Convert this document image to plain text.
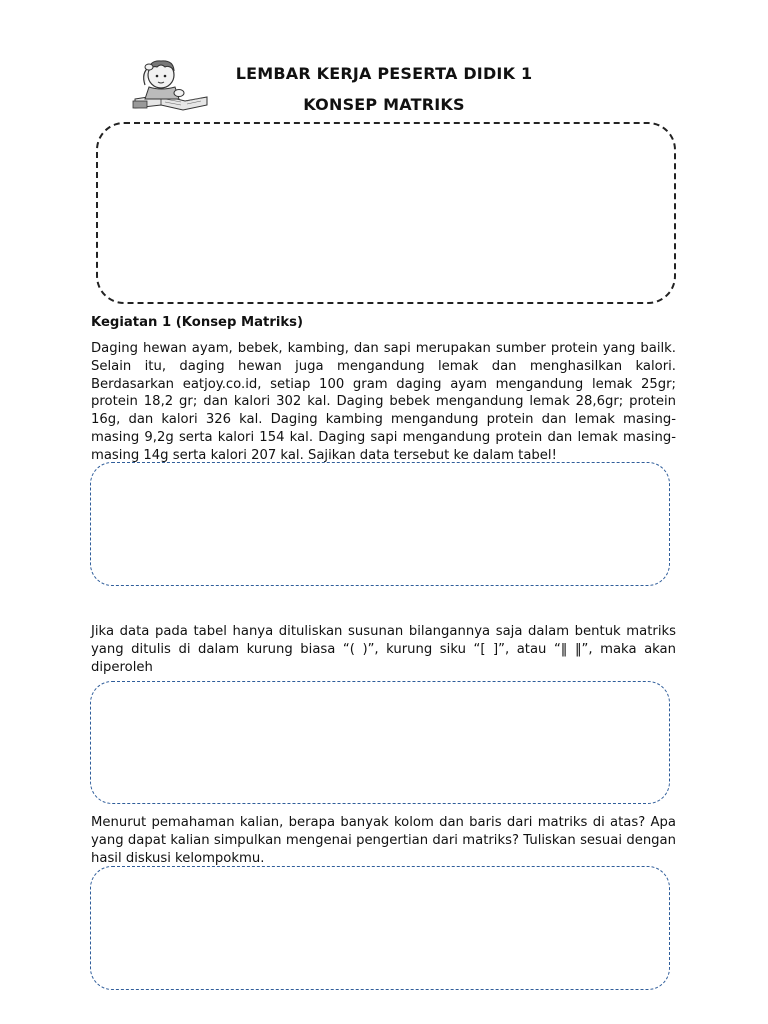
LEMBAR KERJA PESERTA DIDIK 1
KONSEP MATRIKS
Kegiatan 1 (Konsep Matriks)

Daging hewan ayam, bebek, kambing, dan sapi merupakan sumber protein yang bailk. Selain itu, daging hewan juga mengandung lemak dan menghasilkan kalori. Berdasarkan eatjoy.co.id, setiap 100 gram daging ayam mengandung lemak 25gr; protein 18,2 gr; dan kalori 302 kal. Daging bebek mengandung lemak 28,6gr; protein 16g, dan kalori 326 kal. Daging kambing mengandung protein dan lemak masing-masing 9,2g serta kalori 154 kal. Daging sapi mengandung protein dan lemak masing-masing 14g serta kalori 207 kal. Sajikan data tersebut ke dalam tabel!

Jika data pada tabel hanya dituliskan susunan bilangannya saja dalam bentuk matriks yang ditulis di dalam kurung biasa “( )”, kurung siku “[ ]”, atau “‖ ‖”, maka akan diperoleh

Menurut pemahaman kalian, berapa banyak kolom dan baris dari matriks di atas? Apa yang dapat kalian simpulkan mengenai pengertian dari matriks? Tuliskan sesuai dengan hasil diskusi kelompokmu.
